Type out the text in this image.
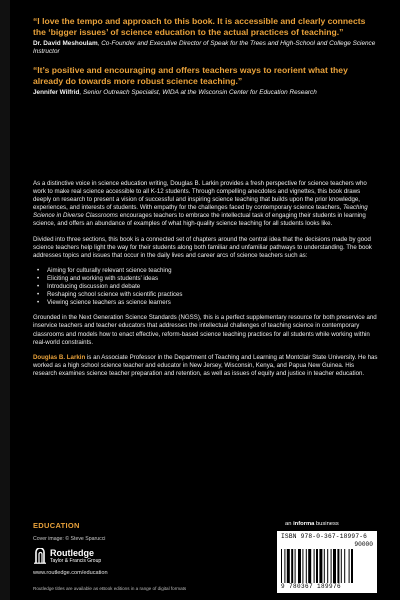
“I love the tempo and approach to this book. It is accessible and clearly connects the ‘bigger issues’ of science education to the actual practices of teaching.”

Dr. David Meshoulam, Co-Founder and Executive Director of Speak for the Trees and High-School and College Science Instructor

“It’s positive and encouraging and offers teachers ways to reorient what they already do towards more robust science teaching.”

Jennifer Wilfrid, Senior Outreach Specialist, WIDA at the Wisconsin Center for Education Research

As a distinctive voice in science education writing, Douglas B. Larkin provides a fresh perspective for science teachers who work to make real science accessible to all K-12 students. Through compelling anecdotes and vignettes, this book draws deeply on research to present a vision of successful and inspiring science teaching that builds upon the prior knowledge, experiences, and interests of students. With empathy for the challenges faced by contemporary science teachers, Teaching Science in Diverse Classrooms encourages teachers to embrace the intellectual task of engaging their students in learning science, and offers an abundance of examples of what high-quality science teaching for all students looks like.

Divided into three sections, this book is a connected set of chapters around the central idea that the decisions made by good science teachers help light the way for their students along both familiar and unfamiliar pathways to understanding. The book addresses topics and issues that occur in the daily lives and career arcs of science teachers such as:

• Aiming for culturally relevant science teaching
• Eliciting and working with students’ ideas
• Introducing discussion and debate
• Reshaping school science with scientific practices
• Viewing science teachers as science learners

Grounded in the Next Generation Science Standards (NGSS), this is a perfect supplementary resource for both preservice and inservice teachers and teacher educators that addresses the intellectual challenges of teaching science in contemporary classrooms and models how to enact effective, reform-based science teaching practices for all students while working within real-world constraints.

Douglas B. Larkin is an Associate Professor in the Department of Teaching and Learning at Montclair State University. He has worked as a high school science teacher and educator in New Jersey, Wisconsin, Kenya, and Papua New Guinea. His research examines science teacher preparation and retention, as well as issues of equity and justice in teacher education.

EDUCATION
Cover image: © Steve Sparucci
Routledge
Taylor & Francis Group
www.routledge.com/education
Routledge titles are available as eBook editions in a range of digital formats
an informa business
ISBN 978-0-367-18997-6
90000
9 780367 189976
